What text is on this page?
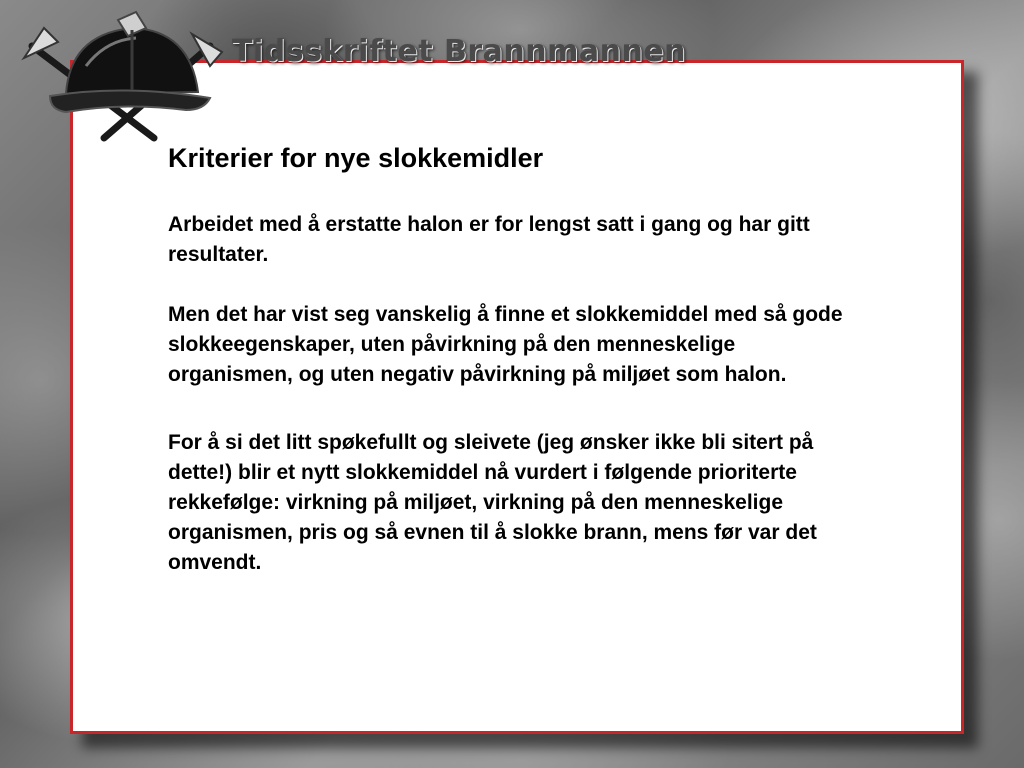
Tidsskriftet Brannmannen
Kriterier for nye slokkemidler

Arbeidet med å erstatte halon er for lengst satt i gang og har gitt resultater.

Men det har vist seg vanskelig å finne et slokkemiddel med så gode slokkeegenskaper, uten påvirkning på den menneskelige organismen, og uten negativ påvirkning på miljøet som halon.

For å si det litt spøkefullt og sleivete (jeg ønsker ikke bli sitert på dette!) blir et nytt slokkemiddel nå vurdert i følgende prioriterte rekkefølge: virkning på miljøet, virkning på den menneskelige organismen, pris og så evnen til å slokke brann, mens før var det omvendt.
